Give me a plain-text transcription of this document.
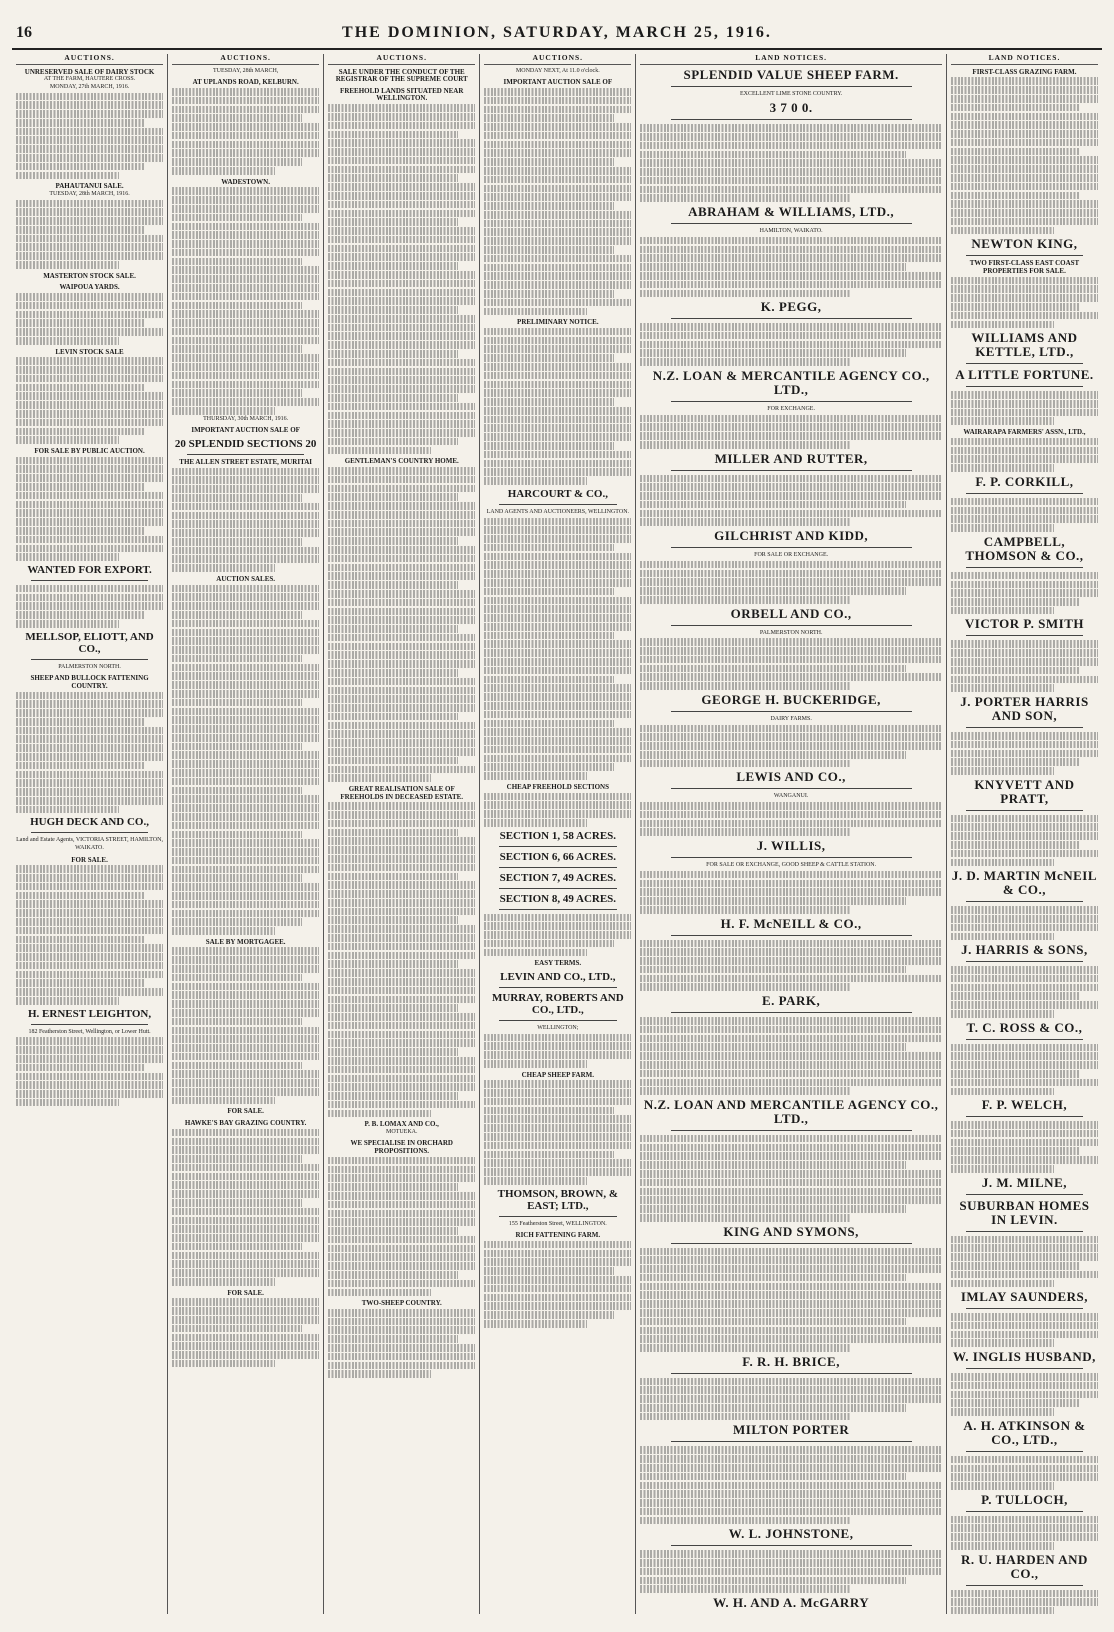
16	THE DOMINION, SATURDAY, MARCH 25, 1916.
AUCTIONS.
UNRESERVED SALE OF DAIRY STOCK
AT THE FARM, HAUTERE CROSS.
MONDAY, 27th MARCH, 1916.
PAHAUTANUI SALE.
TUESDAY, 28th MARCH, 1916.
MASTERTON STOCK SALE.
WAIPOUA YARDS.
LEVIN STOCK SALE
FOR SALE BY PUBLIC AUCTION.
WANTED FOR EXPORT.
MELLSOP, ELIOTT, AND CO.,
PALMERSTON NORTH.
SHEEP AND BULLOCK FATTENING COUNTRY.
HUGH DECK AND CO.,
Land and Estate Agents, VICTORIA STREET, HAMILTON, WAIKATO.
FOR SALE.
H. ERNEST LEIGHTON,
182 Featherston Street, Wellington, or Lower Hutt.
AUCTIONS.
TUESDAY, 28th MARCH,
AT UPLANDS ROAD, KELBURN.
WADESTOWN.
THURSDAY, 30th MARCH, 1916.
IMPORTANT AUCTION SALE OF
20 SPLENDID SECTIONS 20
THE ALLEN STREET ESTATE, MURITAI
AUCTION SALES.
SALE BY MORTGAGEE.
FOR SALE.
HAWKE'S BAY GRAZING COUNTRY.
FOR SALE.
AUCTIONS.
SALE UNDER THE CONDUCT OF THE REGISTRAR OF THE SUPREME COURT
FREEHOLD LANDS SITUATED NEAR WELLINGTON.
GENTLEMAN'S COUNTRY HOME.
GREAT REALISATION SALE OF FREEHOLDS IN DECEASED ESTATE.
P. B. LOMAX AND CO.,
MOTUEKA.
WE SPECIALISE IN ORCHARD PROPOSITIONS.
TWO-SHEEP COUNTRY.
AUCTIONS.
MONDAY NEXT, At 11.0 o'clock.
IMPORTANT AUCTION SALE OF
PRELIMINARY NOTICE.
HARCOURT & CO.,
LAND AGENTS AND AUCTIONEERS, WELLINGTON.
CHEAP FREEHOLD SECTIONS
SECTION 1, 58 ACRES.
SECTION 6, 66 ACRES.
SECTION 7, 49 ACRES.
SECTION 8, 49 ACRES.
EASY TERMS.
LEVIN AND CO., LTD.,
MURRAY, ROBERTS AND CO., LTD.,
WELLINGTON;
CHEAP SHEEP FARM.
THOMSON, BROWN, & EAST; LTD.,
155 Featherston Street, WELLINGTON.
RICH FATTENING FARM.
LAND NOTICES.
SPLENDID VALUE SHEEP FARM.
EXCELLENT LIME STONE COUNTRY.
3 7 0 0.
ABRAHAM & WILLIAMS, LTD.,
HAMILTON, WAIKATO.
K. PEGG,
N.Z. LOAN & MERCANTILE AGENCY CO., LTD.,
FOR EXCHANGE.
MILLER AND RUTTER,
GILCHRIST AND KIDD,
FOR SALE OR EXCHANGE.
ORBELL AND CO.,
PALMERSTON NORTH.
GEORGE H. BUCKERIDGE,
DAIRY FARMS.
LEWIS AND CO.,
WANGANUI.
J. WILLIS,
FOR SALE OR EXCHANGE, GOOD SHEEP & CATTLE STATION.
H. F. McNEILL & CO.,
E. PARK,
N.Z. LOAN AND MERCANTILE AGENCY CO., LTD.,
KING AND SYMONS,
F. R. H. BRICE,
MILTON PORTER
W. L. JOHNSTONE,
W. H. AND A. McGARRY
LAND NOTICES.
FIRST-CLASS GRAZING FARM.
NEWTON KING,
TWO FIRST-CLASS EAST COAST PROPERTIES FOR SALE.
WILLIAMS AND KETTLE, LTD.,
A LITTLE FORTUNE.
WAIRARAPA FARMERS' ASSN., LTD.,
F. P. CORKILL,
CAMPBELL, THOMSON & CO.,
VICTOR P. SMITH
J. PORTER HARRIS AND SON,
KNYVETT AND PRATT,
J. D. MARTIN McNEIL & CO.,
J. HARRIS & SONS,
T. C. ROSS & CO.,
F. P. WELCH,
J. M. MILNE,
SUBURBAN HOMES IN LEVIN.
IMLAY SAUNDERS,
W. INGLIS HUSBAND,
A. H. ATKINSON & CO., LTD.,
P. TULLOCH,
R. U. HARDEN AND CO.,
